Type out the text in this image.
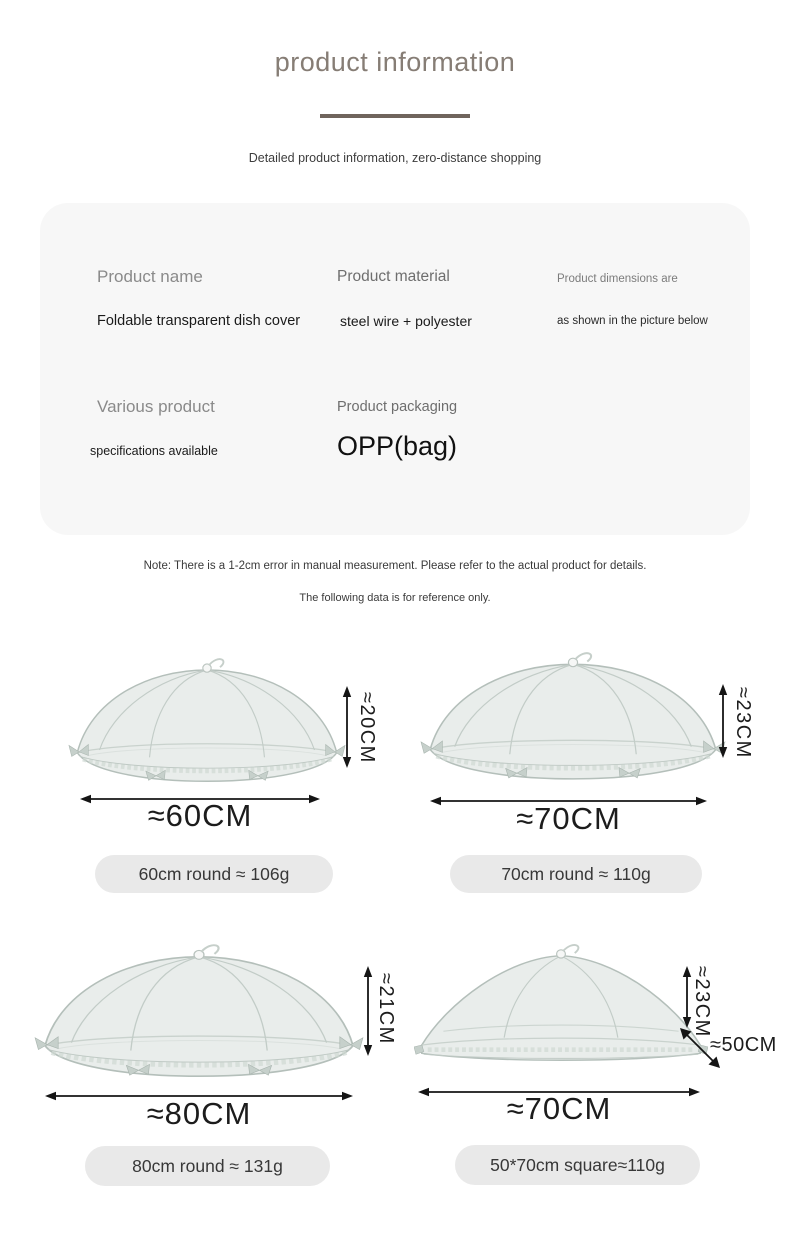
product information
Detailed product information, zero-distance shopping
Product name
Foldable transparent dish cover
Product material
steel wire + polyester
Product dimensions are
as shown in the picture below
Various product
specifications available
Product packaging
OPP(bag)
Note: There is a 1-2cm error in manual measurement. Please refer to the actual product for details.
The following data is for reference only.
≈20CM
≈60CM
60cm round ≈ 106g
≈23CM
≈70CM
70cm round ≈ 110g
≈21CM
≈80CM
80cm round ≈ 131g
≈23CM
≈50CM
≈70CM
50*70cm square≈110g
